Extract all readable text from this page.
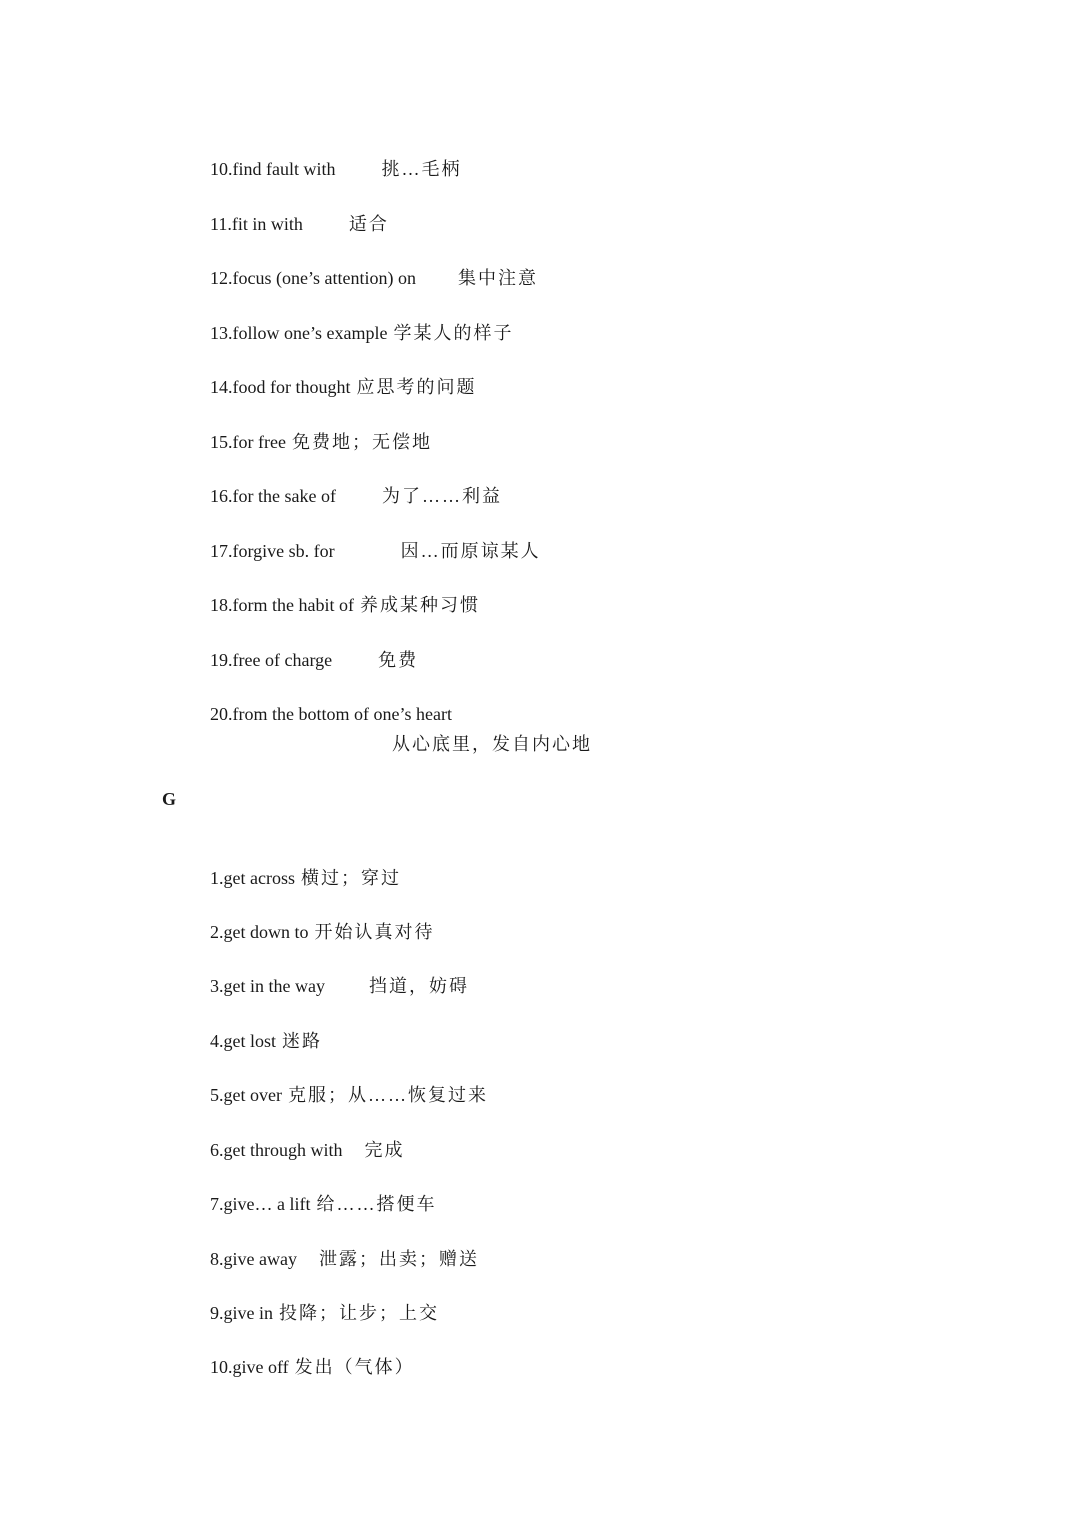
10.find fault with	挑…毛柄

11.fit in with	适合

12.focus (one’s attention) on 集中注意

13.follow one’s example 学某人的样子

14.food for thought 应思考的问题

15.for free 免费地；无偿地

16.for the sake of	为了……利益

17.forgive sb. for	因…而原谅某人

18.form the habit of 养成某种习惯

19.free of charge	免费

20.from the bottom of one’s heart

从心底里，发自内心地
G

1.get across 横过；穿过

2.get down to 开始认真对待

3.get in the way 挡道，妨碍

4.get lost 迷路

5.get over 克服；从……恢复过来

6.get through with 完成

7.give… a lift 给……搭便车

8.give away 泄露；出卖；赠送

9.give in 投降；让步；上交

10.give off 发出（气体）
